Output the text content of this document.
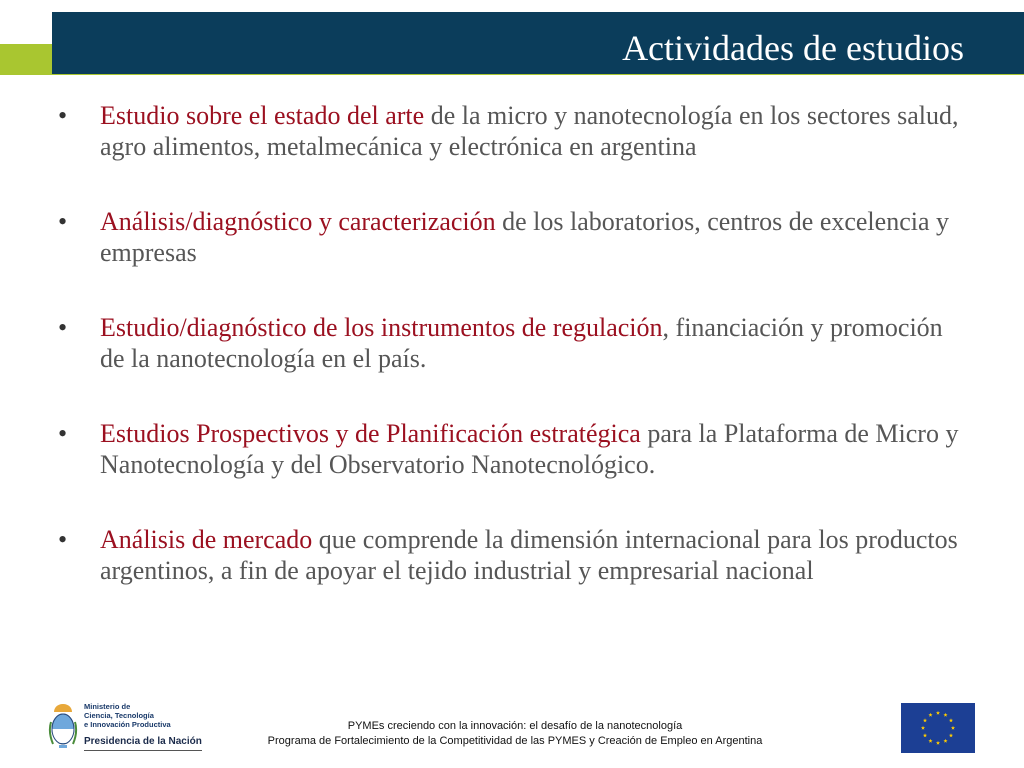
Actividades de estudios
• Estudio sobre el estado del arte de la micro y nanotecnología en los sectores salud, agro alimentos, metalmecánica y electrónica en argentina
• Análisis/diagnóstico y caracterización de los laboratorios, centros de excelencia y empresas
• Estudio/diagnóstico de los instrumentos de regulación, financiación y promoción de la nanotecnología en el país.
• Estudios Prospectivos y de Planificación estratégica para la Plataforma de Micro y Nanotecnología y del Observatorio Nanotecnológico.
• Análisis de mercado que comprende la dimensión internacional para los productos argentinos, a fin de apoyar el tejido industrial y empresarial nacional
Ministerio de
Ciencia, Tecnología
e Innovación Productiva
Presidencia de la Nación
PYMEs creciendo con la innovación: el desafío de la nanotecnología
Programa de Fortalecimiento de la Competitividad de las PYMES y Creación de Empleo en Argentina
